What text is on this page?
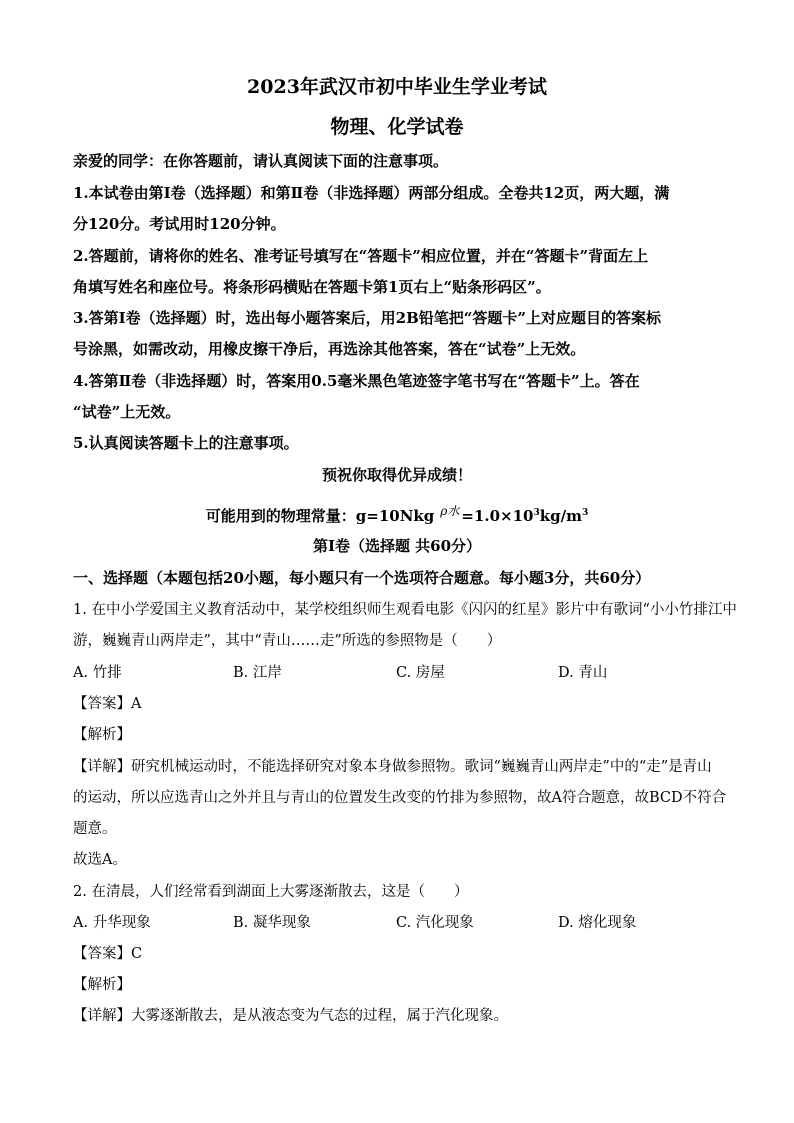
2023年武汉市初中毕业生学业考试
物理、化学试卷
亲爱的同学：在你答题前，请认真阅读下面的注意事项。
1.本试卷由第Ⅰ卷（选择题）和第Ⅱ卷（非选择题）两部分组成。全卷共12页，两大题，满
分120分。考试用时120分钟。
2.答题前，请将你的姓名、准考证号填写在“答题卡”相应位置，并在“答题卡”背面左上
角填写姓名和座位号。将条形码横贴在答题卡第1页右上“贴条形码区”。
3.答第Ⅰ卷（选择题）时，选出每小题答案后，用2B铅笔把“答题卡”上对应题目的答案标
号涂黑，如需改动，用橡皮擦干净后，再选涂其他答案，答在“试卷”上无效。
4.答第Ⅱ卷（非选择题）时，答案用0.5毫米黑色笔迹签字笔书写在“答题卡”上。答在
“试卷”上无效。
5.认真阅读答题卡上的注意事项。
预祝你取得优异成绩！
可能用到的物理常量：g=10Nkg $^{\rho 水} =1.0\times 10^3kg/m^3$
第Ⅰ卷（选择题 共60分）
一、选择题（本题包括20小题，每小题只有一个选项符合题意。每小题3分，共60分）
1. 在中小学爱国主义教育活动中，某学校组织师生观看电影《闪闪的红星》影片中有歌词“小小竹排江中
游，巍巍青山两岸走”，其中“青山……走”所选的参照物是（　　）
A. 竹排	B. 江岸	C. 房屋	D. 青山
【答案】A
【解析】
【详解】研究机械运动时，不能选择研究对象本身做参照物。歌词“巍巍青山两岸走”中的“走”是青山
的运动，所以应选青山之外并且与青山的位置发生改变的竹排为参照物，故A符合题意，故BCD不符合
题意。
故选A。
2. 在清晨，人们经常看到湖面上大雾逐渐散去，这是（　　）
A. 升华现象	B. 凝华现象	C. 汽化现象	D. 熔化现象
【答案】C
【解析】
【详解】大雾逐渐散去，是从液态变为气态的过程，属于汽化现象。
